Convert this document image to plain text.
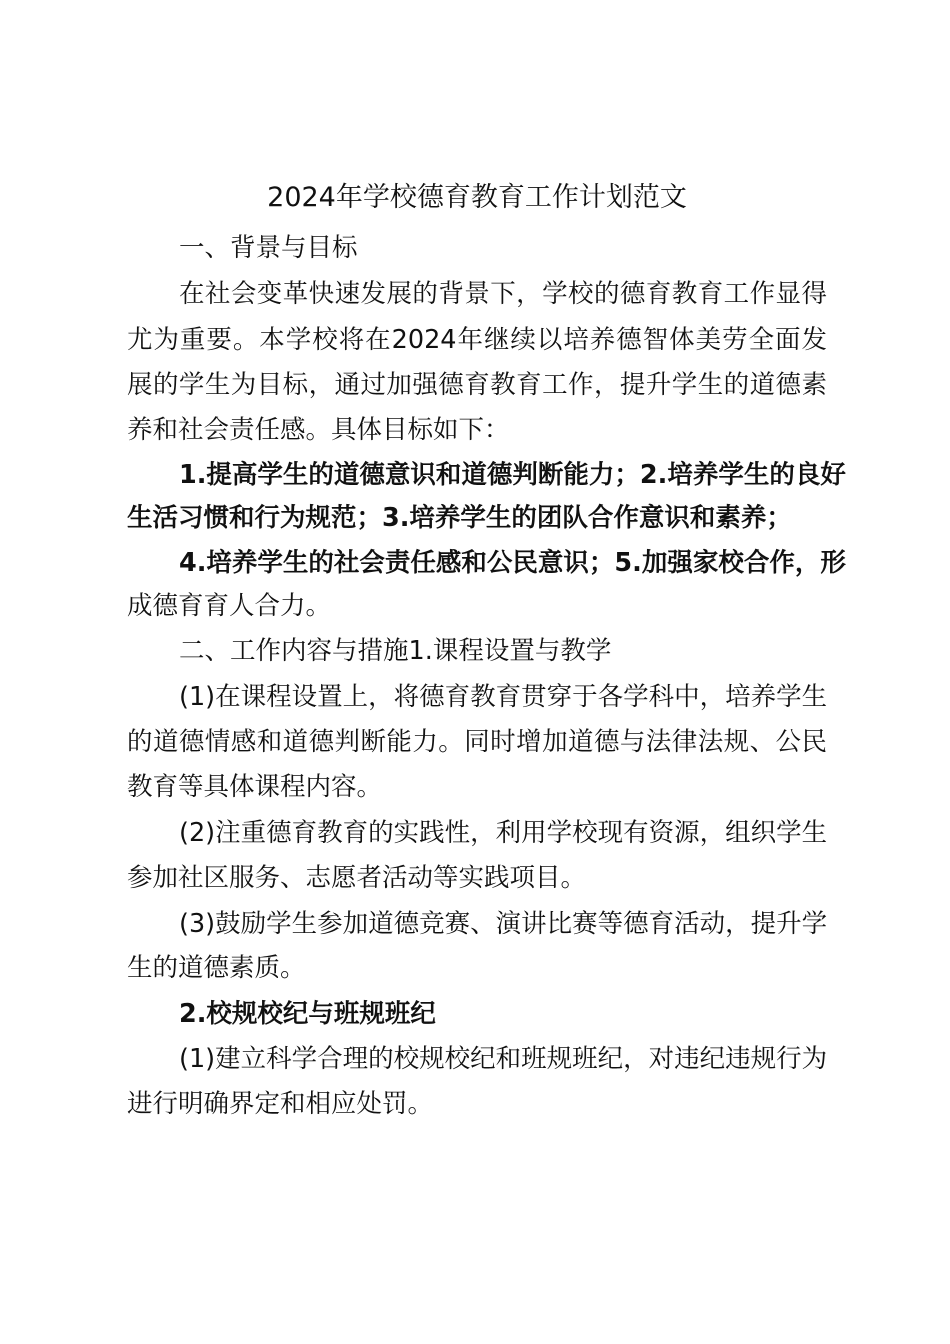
2024年学校德育教育工作计划范文
一、背景与目标
在社会变革快速发展的背景下，学校的德育教育工作显得
尤为重要。本学校将在2024年继续以培养德智体美劳全面发
展的学生为目标，通过加强德育教育工作，提升学生的道德素
养和社会责任感。具体目标如下：
1.提高学生的道德意识和道德判断能力；2.培养学生的良好
生活习惯和行为规范；3.培养学生的团队合作意识和素养；
4.培养学生的社会责任感和公民意识；5.加强家校合作，形
成德育育人合力。
二、工作内容与措施1.课程设置与教学
(1)在课程设置上，将德育教育贯穿于各学科中，培养学生
的道德情感和道德判断能力。同时增加道德与法律法规、公民
教育等具体课程内容。
(2)注重德育教育的实践性，利用学校现有资源，组织学生
参加社区服务、志愿者活动等实践项目。
(3)鼓励学生参加道德竞赛、演讲比赛等德育活动，提升学
生的道德素质。
2.校规校纪与班规班纪
(1)建立科学合理的校规校纪和班规班纪，对违纪违规行为
进行明确界定和相应处罚。
